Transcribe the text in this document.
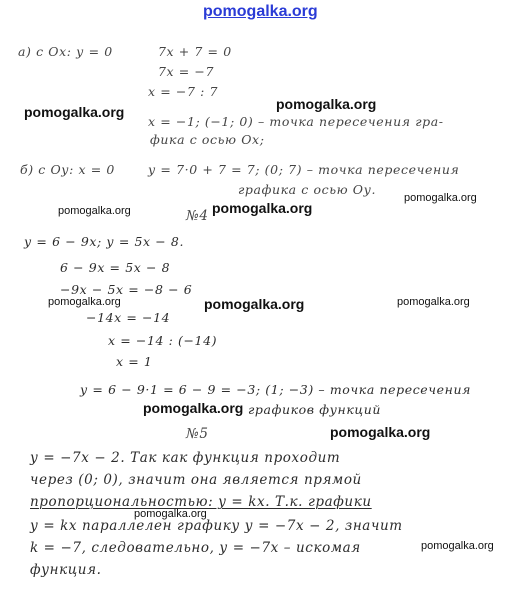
pomogalka.org
pomogalka.org	pomogalka.org
pomogalka.org
pomogalka.org	pomogalka.org
pomogalka.org	pomogalka.org	pomogalka.org
pomogalka.org
pomogalka.org
pomogalka.org
pomogalka.org
а) с Ох: у = 0	7х + 7 = 0
7х = −7
х = −7 : 7
х = −1; (−1; 0) – точка пересечения гра-
фика с осью Ох;
б) с Оу: х = 0	у = 7·0 + 7 = 7; (0; 7) – точка пересечения
графика с осью Оу.
№4
у = 6 − 9х; у = 5х − 8.
6 − 9х = 5х − 8
−9х − 5х = −8 − 6
−14х = −14
х = −14 : (−14)
х = 1
у = 6 − 9·1 = 6 − 9 = −3; (1; −3) – точка пересечения
графиков функций
№5
у = −7х − 2. Так как функция проходит
через (0; 0), значит она является прямой
пропорциональностью: у = kx. Т.к. графики
у = kx параллелен графику у = −7х − 2, значит
k = −7, следовательно, у = −7х – искомая
функция.
